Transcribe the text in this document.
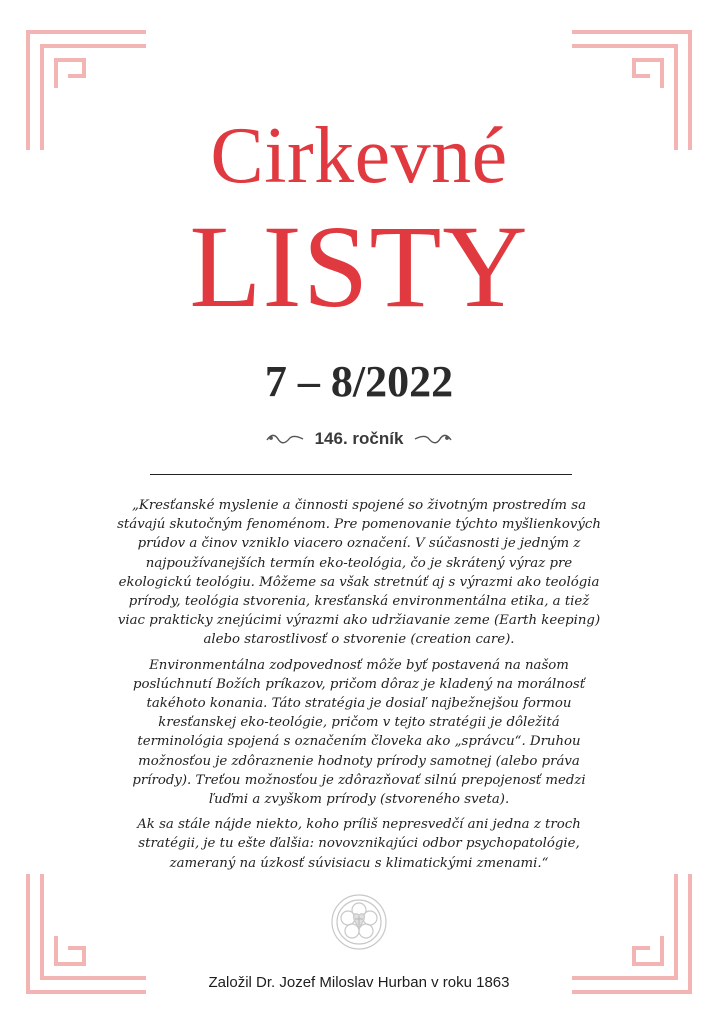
Cirkevné
LISTY
7 – 8/2022
146. ročník

„Kresťanské myslenie a činnosti spojené so životným prostredím sa stávajú skutočným fenoménom. Pre pomenovanie týchto myšlienkových prúdov a činov vzniklo viacero označení. V súčasnosti je jedným z najpoužívanejších termín eko-teológia, čo je skrátený výraz pre ekologickú teológiu. Môžeme sa však stretnúť aj s výrazmi ako teológia prírody, teológia stvorenia, kresťanská environmentálna etika, a tiež viac prakticky znejúcimi výrazmi ako udržiavanie zeme (Earth keeping) alebo starostlivosť o stvorenie (creation care).

Environmentálna zodpovednosť môže byť postavená na našom poslúchnutí Božích príkazov, pričom dôraz je kladený na morálnosť takéhoto konania. Táto stratégia je dosiaľ najbežnejšou formou kresťanskej eko-teológie, pričom v tejto stratégii je dôležitá terminológia spojená s označením človeka ako „správcu“. Druhou možnosťou je zdôraznenie hodnoty prírody samotnej (alebo práva prírody). Treťou možnosťou je zdôrazňovať silnú prepojenosť medzi ľuďmi a zvyškom prírody (stvoreného sveta).

Ak sa stále nájde niekto, koho príliš nepresvedčí ani jedna z troch stratégii, je tu ešte ďalšia: novovznikajúci odbor psychopatológie, zameraný na úzkosť súvisiacu s klimatickými zmenami.“

Založil Dr. Jozef Miloslav Hurban v roku 1863
